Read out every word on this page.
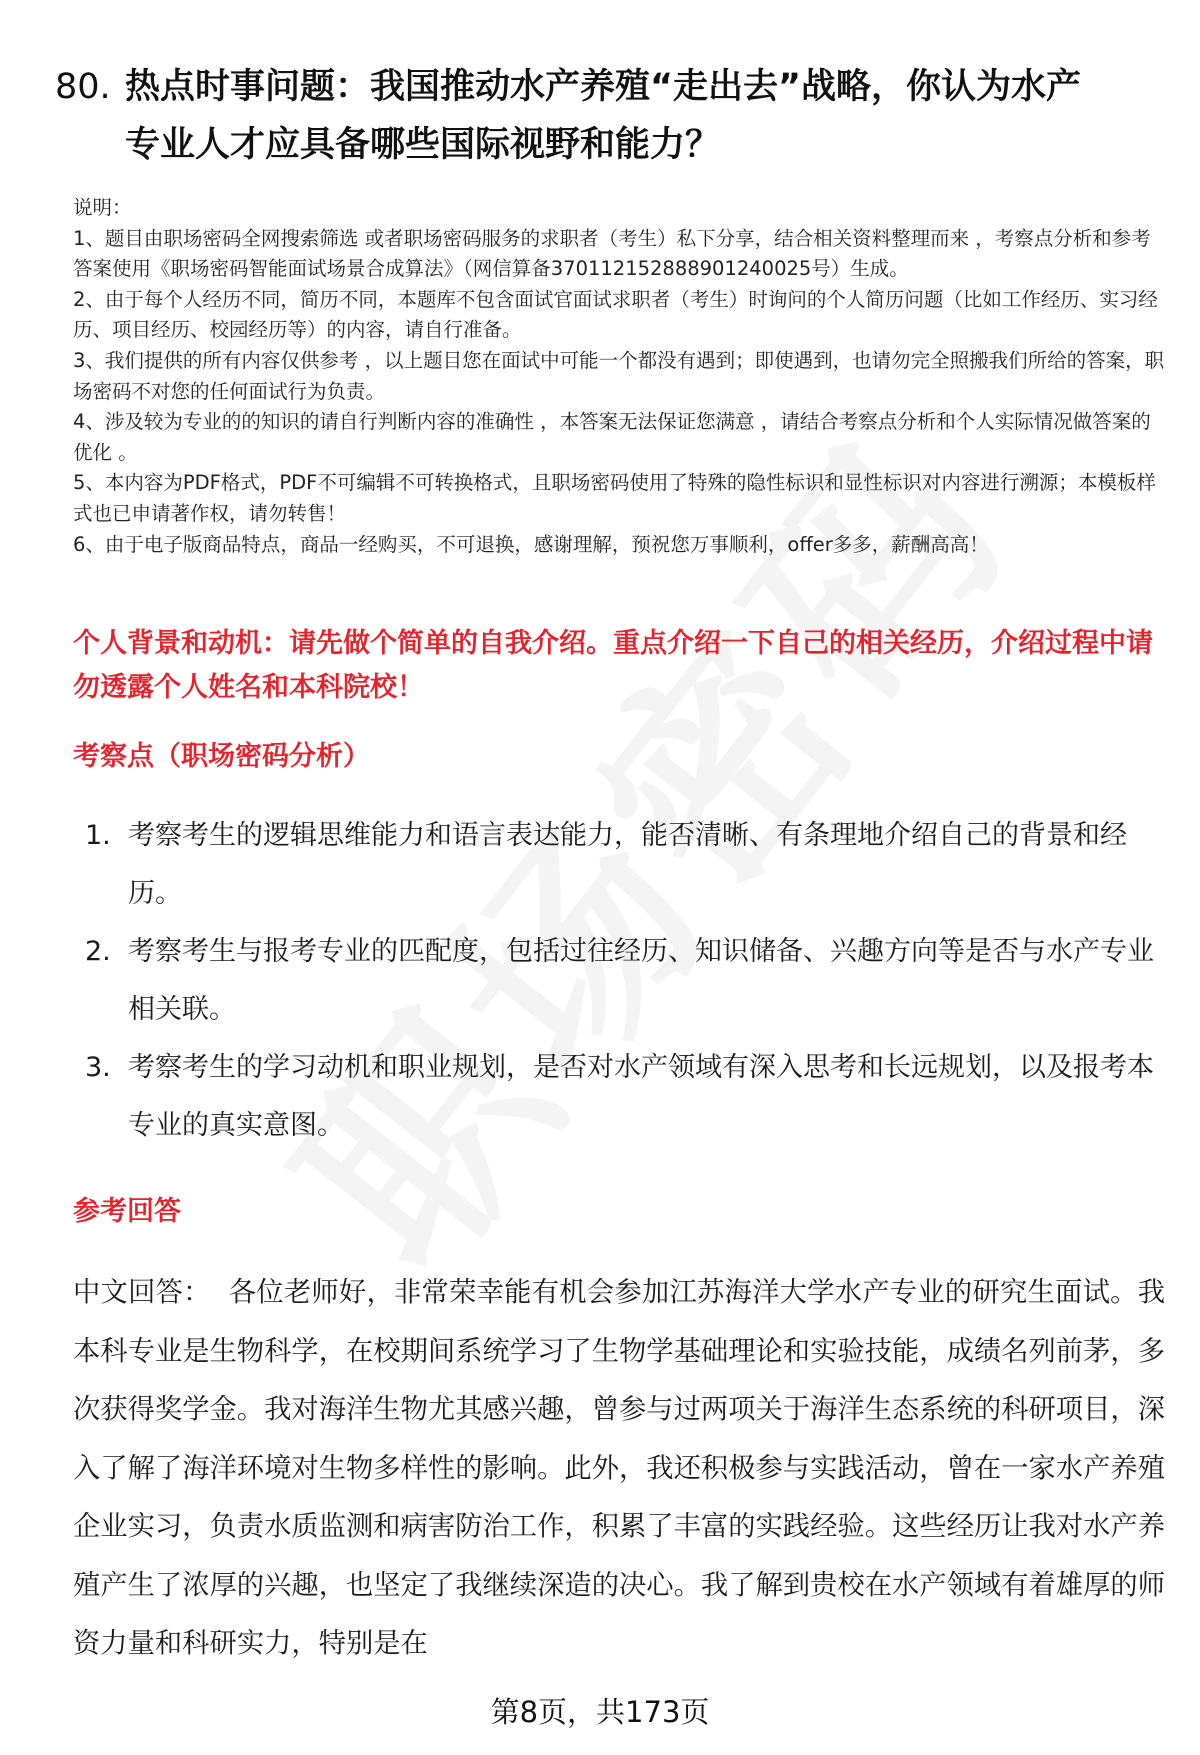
80. 热点时事问题：我国推动水产养殖“走出去”战略，你认为水产
专业人才应具备哪些国际视野和能力？

说明：

1、题目由职场密码全网搜索筛选 或者职场密码服务的求职者（考生）私下分享，结合相关资料整理而来 ，考察点分析和参考答案使用《职场密码智能面试场景合成算法》（网信算备370112152888901240025号）生成。

2、由于每个人经历不同，简历不同，本题库不包含面试官面试求职者（考生）时询问的个人简历问题（比如工作经历、实习经历、项目经历、校园经历等）的内容，请自行准备。

3、我们提供的所有内容仅供参考 ，以上题目您在面试中可能一个都没有遇到；即使遇到，也请勿完全照搬我们所给的答案，职场密码不对您的任何面试行为负责。

4、涉及较为专业的的知识的请自行判断内容的准确性 ，本答案无法保证您满意 ，请结合考察点分析和个人实际情况做答案的优化 。

5、本内容为PDF格式，PDF不可编辑不可转换格式，且职场密码使用了特殊的隐性标识和显性标识对内容进行溯源；本模板样式也已申请著作权，请勿转售！

6、由于电子版商品特点，商品一经购买，不可退换，感谢理解，预祝您万事顺利，offer多多，薪酬高高！

个人背景和动机：请先做个简单的自我介绍。重点介绍一下自己的相关经历，介绍过程中请勿透露个人姓名和本科院校！
考察点（职场密码分析）
1. 考察考生的逻辑思维能力和语言表达能力，能否清晰、有条理地介绍自己的背景和经历。
2. 考察考生与报考专业的匹配度，包括过往经历、知识储备、兴趣方向等是否与水产专业相关联。
3. 考察考生的学习动机和职业规划，是否对水产领域有深入思考和长远规划，以及报考本专业的真实意图。
参考回答
中文回答： 各位老师好，非常荣幸能有机会参加江苏海洋大学水产专业的研究生面试。我本科专业是生物科学，在校期间系统学习了生物学基础理论和实验技能，成绩名列前茅，多次获得奖学金。我对海洋生物尤其感兴趣，曾参与过两项关于海洋生态系统的科研项目，深入了解了海洋环境对生物多样性的影响。此外，我还积极参与实践活动，曾在一家水产养殖企业实习，负责水质监测和病害防治工作，积累了丰富的实践经验。这些经历让我对水产养殖产生了浓厚的兴趣，也坚定了我继续深造的决心。我了解到贵校在水产领域有着雄厚的师资力量和科研实力，特别是在
第8页，共173页
